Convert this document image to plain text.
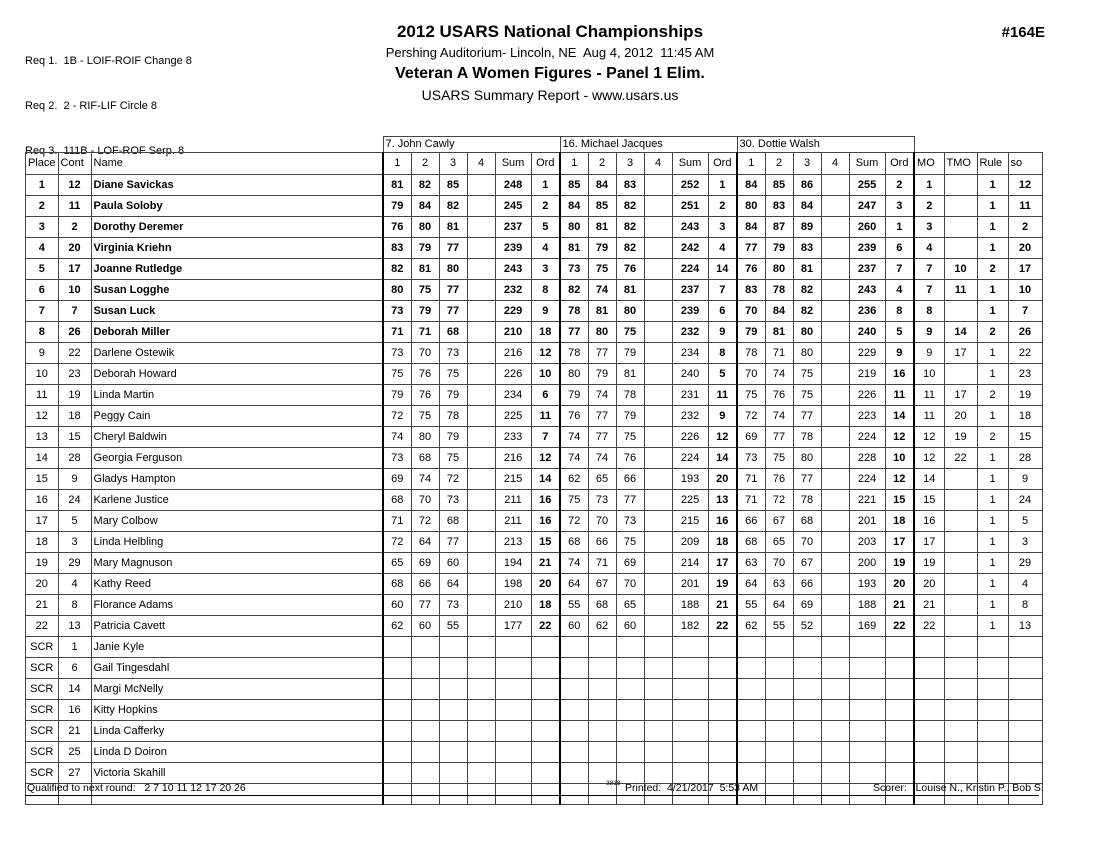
Req 1.  1B - LOIF-ROIF Change 8

Req 2.  2 - RIF-LIF Circle 8

Req 3.  111B - LOF-ROF Serp. 8

2012 USARS National Championships
Pershing Auditorium- Lincoln, NE  Aug 4, 2012  11:45 AM
Veteran A Women Figures - Panel 1 Elim.
USARS Summary Report - www.usars.us
#164E
			7. John Cawly						16. Michael Jacques						30. Dottie Walsh									
Place	Cont	Name	1	2	3	4	Sum	Ord	1	2	3	4	Sum	Ord	1	2	3	4	Sum	Ord	MO	TMO	Rule	so
1	12	Diane Savickas	81	82	85		248	1	85	84	83		252	1	84	85	86		255	2	1		1	12
2	11	Paula Soloby	79	84	82		245	2	84	85	82		251	2	80	83	84		247	3	2		1	11
3	2	Dorothy Deremer	76	80	81		237	5	80	81	82		243	3	84	87	89		260	1	3		1	2
4	20	Virginia Kriehn	83	79	77		239	4	81	79	82		242	4	77	79	83		239	6	4		1	20
5	17	Joanne Rutledge	82	81	80		243	3	73	75	76		224	14	76	80	81		237	7	7	10	2	17
6	10	Susan Logghe	80	75	77		232	8	82	74	81		237	7	83	78	82		243	4	7	11	1	10
7	7	Susan Luck	73	79	77		229	9	78	81	80		239	6	70	84	82		236	8	8		1	7
8	26	Deborah Miller	71	71	68		210	18	77	80	75		232	9	79	81	80		240	5	9	14	2	26
9	22	Darlene Ostewik	73	70	73		216	12	78	77	79		234	8	78	71	80		229	9	9	17	1	22
10	23	Deborah Howard	75	76	75		226	10	80	79	81		240	5	70	74	75		219	16	10		1	23
11	19	Linda Martin	79	76	79		234	6	79	74	78		231	11	75	76	75		226	11	11	17	2	19
12	18	Peggy Cain	72	75	78		225	11	76	77	79		232	9	72	74	77		223	14	11	20	1	18
13	15	Cheryl Baldwin	74	80	79		233	7	74	77	75		226	12	69	77	78		224	12	12	19	2	15
14	28	Georgia Ferguson	73	68	75		216	12	74	74	76		224	14	73	75	80		228	10	12	22	1	28
15	9	Gladys Hampton	69	74	72		215	14	62	65	66		193	20	71	76	77		224	12	14		1	9
16	24	Karlene Justice	68	70	73		211	16	75	73	77		225	13	71	72	78		221	15	15		1	24
17	5	Mary Colbow	71	72	68		211	16	72	70	73		215	16	66	67	68		201	18	16		1	5
18	3	Linda Helbling	72	64	77		213	15	68	66	75		209	18	68	65	70		203	17	17		1	3
19	29	Mary Magnuson	65	69	60		194	21	74	71	69		214	17	63	70	67		200	19	19		1	29
20	4	Kathy Reed	68	66	64		198	20	64	67	70		201	19	64	63	66		193	20	20		1	4
21	8	Florance Adams	60	77	73		210	18	55	68	65		188	21	55	64	69		188	21	21		1	8
22	13	Patricia Cavett	62	60	55		177	22	60	62	60		182	22	62	55	52		169	22	22		1	13
SCR	1	Janie Kyle																						
SCR	6	Gail Tingesdahl																						
SCR	14	Margi McNelly																						
SCR	16	Kitty Hopkins																						
SCR	21	Linda Cafferky																						
SCR	25	Linda D Doiron																						
SCR	27	Victoria Skahill																						

Qualified to next round: 2 7 10 11 12 17 20 26

	3818

Printed:  4/21/2017  5:53 AM

	Scorer:   Louise N., Kristin P., Bob S.
